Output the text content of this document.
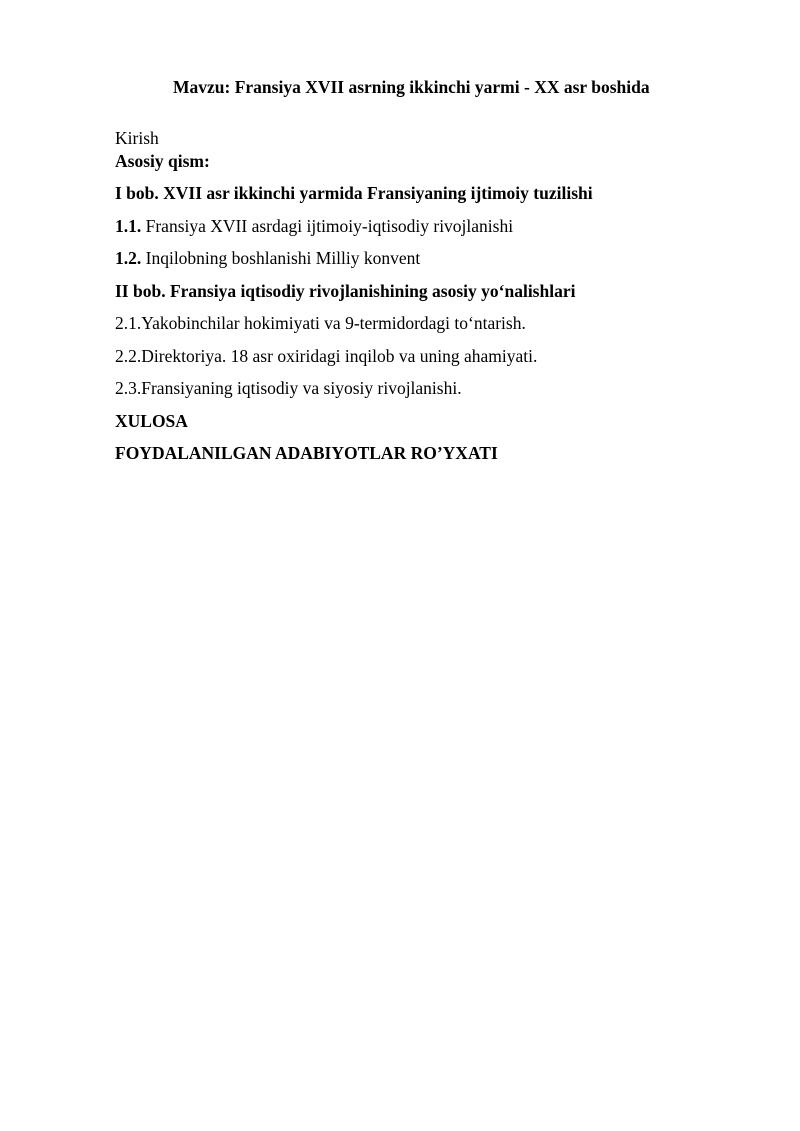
Mavzu: Fransiya XVII asrning ikkinchi yarmi - XX asr boshida
Kirish
Asosiy qism:
I bob. XVII asr ikkinchi yarmida Fransiyaning ijtimoiy tuzilishi
1.1. Fransiya XVII asrdagi ijtimoiy-iqtisodiy rivojlanishi
1.2. Inqilobning boshlanishi Milliy konvent
II bob. Fransiya iqtisodiy rivojlanishining asosiy yo‘nalishlari
2.1.Yakobinchilar hokimiyati va 9-termidordagi to‘ntarish.
2.2.Direktoriya. 18 asr oxiridagi inqilob va uning ahamiyati.
2.3.Fransiyaning iqtisodiy va siyosiy rivojlanishi.
XULOSA
FOYDALANILGAN ADABIYOTLAR RO’YXATI
